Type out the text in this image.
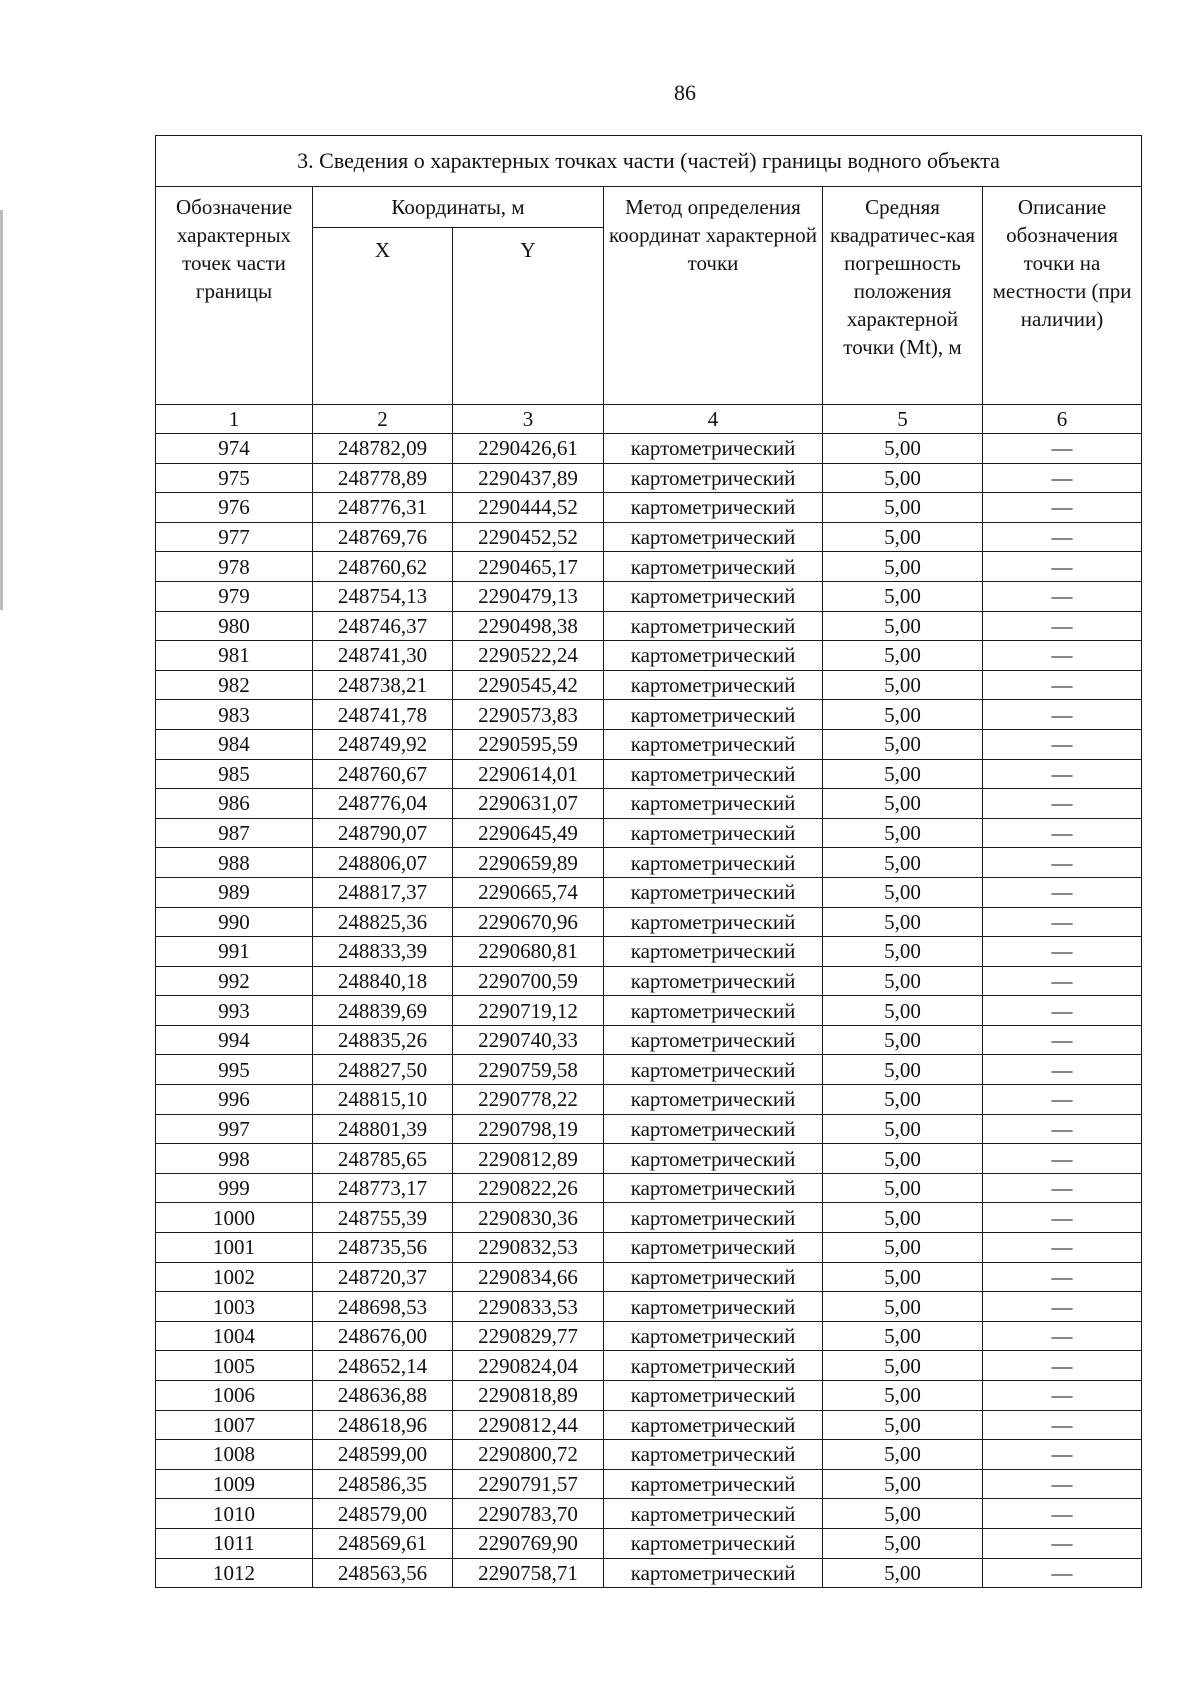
86
3. Сведения о характерных точках части (частей) границы водного объекта					
Обозначение характерных точек части границы	Координаты, м		Метод определения координат характерной точки	Средняя квадратичес-кая погрешность положения характерной точки (Mt), м	Описание обозначения точки на местности (при наличии)
	X	Y			
1	2	3	4	5	6
974	248782,09	2290426,61	картометрический	5,00	—
975	248778,89	2290437,89	картометрический	5,00	—
976	248776,31	2290444,52	картометрический	5,00	—
977	248769,76	2290452,52	картометрический	5,00	—
978	248760,62	2290465,17	картометрический	5,00	—
979	248754,13	2290479,13	картометрический	5,00	—
980	248746,37	2290498,38	картометрический	5,00	—
981	248741,30	2290522,24	картометрический	5,00	—
982	248738,21	2290545,42	картометрический	5,00	—
983	248741,78	2290573,83	картометрический	5,00	—
984	248749,92	2290595,59	картометрический	5,00	—
985	248760,67	2290614,01	картометрический	5,00	—
986	248776,04	2290631,07	картометрический	5,00	—
987	248790,07	2290645,49	картометрический	5,00	—
988	248806,07	2290659,89	картометрический	5,00	—
989	248817,37	2290665,74	картометрический	5,00	—
990	248825,36	2290670,96	картометрический	5,00	—
991	248833,39	2290680,81	картометрический	5,00	—
992	248840,18	2290700,59	картометрический	5,00	—
993	248839,69	2290719,12	картометрический	5,00	—
994	248835,26	2290740,33	картометрический	5,00	—
995	248827,50	2290759,58	картометрический	5,00	—
996	248815,10	2290778,22	картометрический	5,00	—
997	248801,39	2290798,19	картометрический	5,00	—
998	248785,65	2290812,89	картометрический	5,00	—
999	248773,17	2290822,26	картометрический	5,00	—
1000	248755,39	2290830,36	картометрический	5,00	—
1001	248735,56	2290832,53	картометрический	5,00	—
1002	248720,37	2290834,66	картометрический	5,00	—
1003	248698,53	2290833,53	картометрический	5,00	—
1004	248676,00	2290829,77	картометрический	5,00	—
1005	248652,14	2290824,04	картометрический	5,00	—
1006	248636,88	2290818,89	картометрический	5,00	—
1007	248618,96	2290812,44	картометрический	5,00	—
1008	248599,00	2290800,72	картометрический	5,00	—
1009	248586,35	2290791,57	картометрический	5,00	—
1010	248579,00	2290783,70	картометрический	5,00	—
1011	248569,61	2290769,90	картометрический	5,00	—
1012	248563,56	2290758,71	картометрический	5,00	—
